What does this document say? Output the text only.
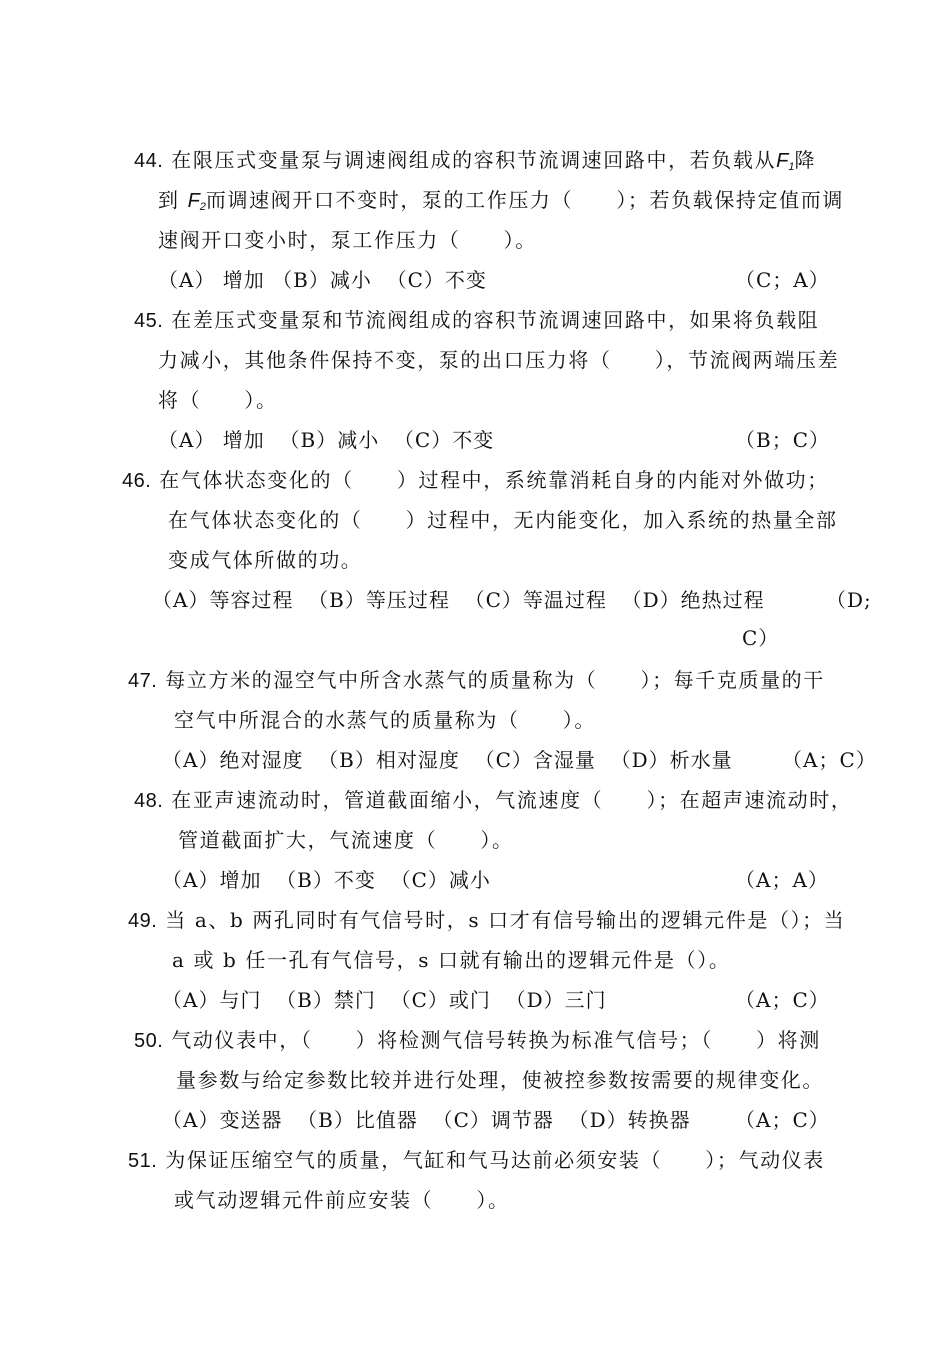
44. 在限压式变量泵与调速阀组成的容积节流调速回路中，若负载从$F_1$降
到 $F_2$而调速阀开口不变时，泵的工作压力（　　）；若负载保持定值而调
速阀开口变小时，泵工作压力（　　）。
（A） 增加 （B）减小  （C）不变	（C；A）
45. 在差压式变量泵和节流阀组成的容积节流调速回路中，如果将负载阻
力减小，其他条件保持不变，泵的出口压力将（　　），节流阀两端压差
将（　　）。
（A） 增加  （B）减小  （C）不变	（B；C）
46. 在气体状态变化的（　　）过程中，系统靠消耗自身的内能对外做功；
在气体状态变化的（　　）过程中，无内能变化，加入系统的热量全部
变成气体所做的功。
（A）等容过程  （B）等压过程  （C）等温过程  （D）绝热过程	（D;
C）
47. 每立方米的湿空气中所含水蒸气的质量称为（　　）；每千克质量的干
空气中所混合的水蒸气的质量称为（　　）。
（A）绝对湿度  （B）相对湿度  （C）含湿量  （D）析水量 （A；C）
48. 在亚声速流动时，管道截面缩小，气流速度（　　）；在超声速流动时，
管道截面扩大，气流速度（　　）。
（A）增加  （B）不变  （C）减小	（A；A）
49. 当 a、b 两孔同时有气信号时，s 口才有信号输出的逻辑元件是（）；当
a 或 b 任一孔有气信号，s 口就有输出的逻辑元件是（）。
（A）与门  （B）禁门  （C）或门  （D）三门	（A；C）
50. 气动仪表中，（　　）将检测气信号转换为标准气信号；（　　）将测
量参数与给定参数比较并进行处理，使被控参数按需要的规律变化。
（A）变送器  （B）比值器  （C）调节器  （D）转换器 （A；C）
51. 为保证压缩空气的质量，气缸和气马达前必须安装（　　）；气动仪表
或气动逻辑元件前应安装（　　）。
